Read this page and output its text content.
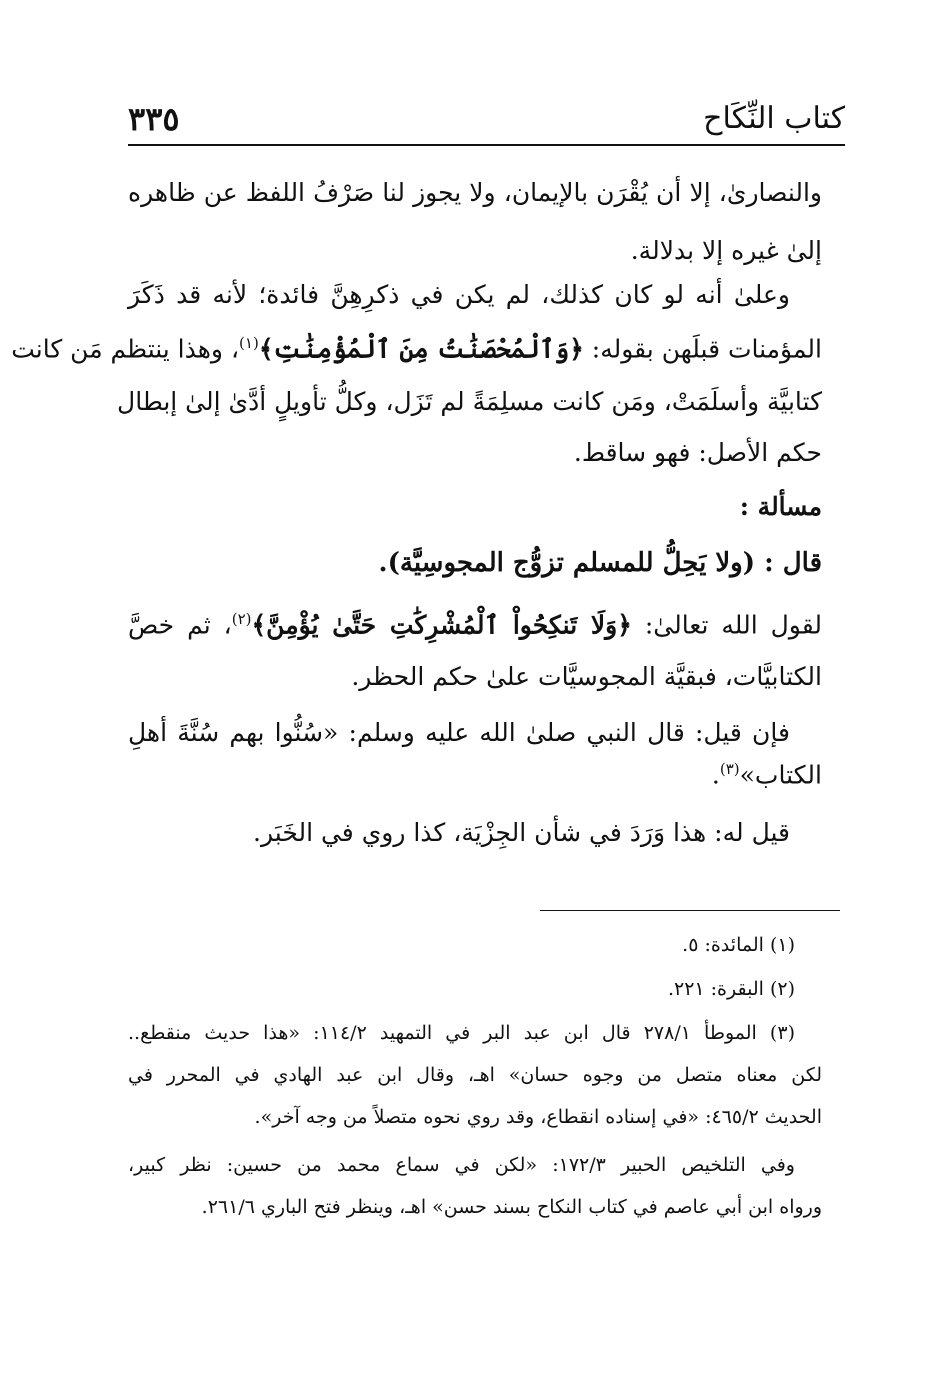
كتاب النِّكَاح
٣٣٥
والنصارىٰ، إلا أن يُقْرَن بالإيمان، ولا يجوز لنا صَرْفُ اللفظ عن ظاهره
إلىٰ غيره إلا بدلالة.
وعلىٰ أنه لو كان كذلك، لم يكن في ذكرِهِنَّ فائدة؛ لأنه قد ذَكَرَ
المؤمنات قبلَهن بقوله: ﴿وَٱلْمُحْصَنَٰتُ مِنَ ٱلْمُؤْمِنَٰتِ﴾$^{(١)}$، وهذا ينتظم مَن كانت
كتابيَّة وأسلَمَتْ، ومَن كانت مسلِمَةً لم تَزَل، وكلُّ تأويلٍ أدَّىٰ إلىٰ إبطال
حكم الأصل: فهو ساقط.
مسألة :
قال : (ولا يَحِلُّ للمسلم تزوُّج المجوسِيَّة).
لقول الله تعالىٰ: ﴿وَلَا تَنكِحُواْ ٱلْمُشْرِكَٰتِ حَتَّىٰ يُؤْمِنَّ﴾$^{(٢)}$، ثم خصَّ
الكتابيَّات، فبقيَّة المجوسيَّات علىٰ حكم الحظر.
فإن قيل: قال النبي صلىٰ الله عليه وسلم: «سُنُّوا بهم سُنَّةَ أهلِ
الكتاب»$^{(٣)}$.
قيل له: هذا وَرَدَ في شأن الجِزْيَة، كذا روي في الخَبَر.
(١) المائدة: ٥.
(٢) البقرة: ٢٢١.
(٣) الموطأ ٢٧٨/١ قال ابن عبد البر في التمهيد ١١٤/٢: «هذا حديث منقطع..
لكن معناه متصل من وجوه حسان» اهـ، وقال ابن عبد الهادي في المحرر في
الحديث ٤٦٥/٢: «في إسناده انقطاع، وقد روي نحوه متصلاً من وجه آخر».
وفي التلخيص الحبير ١٧٢/٣: «لكن في سماع محمد من حسين: نظر كبير،
ورواه ابن أبي عاصم في كتاب النكاح بسند حسن» اهـ، وينظر فتح الباري ٢٦١/٦.
